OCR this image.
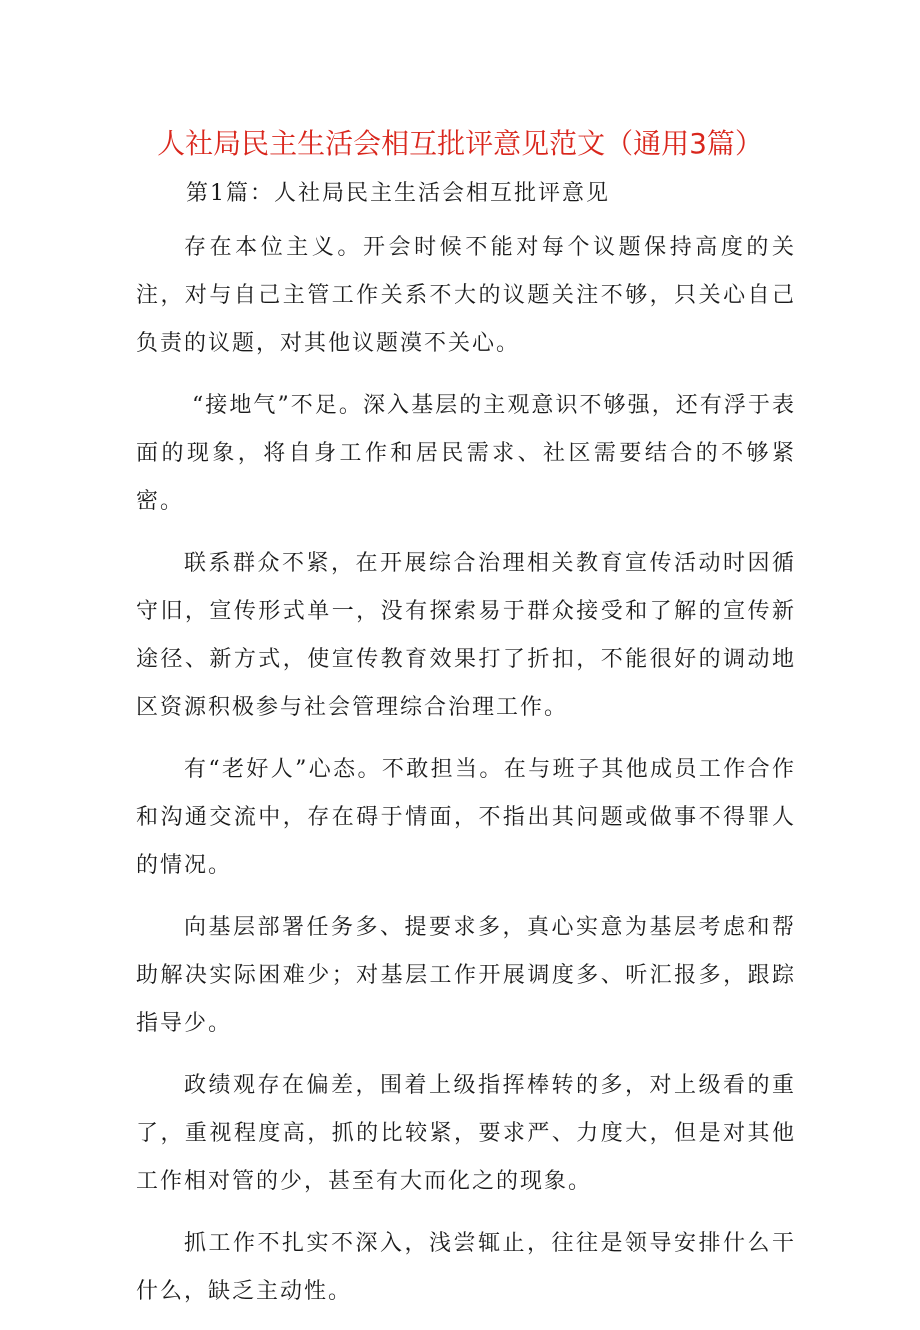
人社局民主生活会相互批评意见范文（通用3篇）
第1篇：人社局民主生活会相互批评意见

存在本位主义。开会时候不能对每个议题保持高度的关注，对与自己主管工作关系不大的议题关注不够，只关心自己负责的议题，对其他议题漠不关心。

“接地气”不足。深入基层的主观意识不够强，还有浮于表面的现象，将自身工作和居民需求、社区需要结合的不够紧密。

联系群众不紧，在开展综合治理相关教育宣传活动时因循守旧，宣传形式单一，没有探索易于群众接受和了解的宣传新途径、新方式，使宣传教育效果打了折扣，不能很好的调动地区资源积极参与社会管理综合治理工作。

有“老好人”心态。不敢担当。在与班子其他成员工作合作和沟通交流中，存在碍于情面，不指出其问题或做事不得罪人的情况。

向基层部署任务多、提要求多，真心实意为基层考虑和帮助解决实际困难少；对基层工作开展调度多、听汇报多，跟踪指导少。

政绩观存在偏差，围着上级指挥棒转的多，对上级看的重了，重视程度高，抓的比较紧，要求严、力度大，但是对其他工作相对管的少，甚至有大而化之的现象。

抓工作不扎实不深入，浅尝辄止，往往是领导安排什么干什么，缺乏主动性。
